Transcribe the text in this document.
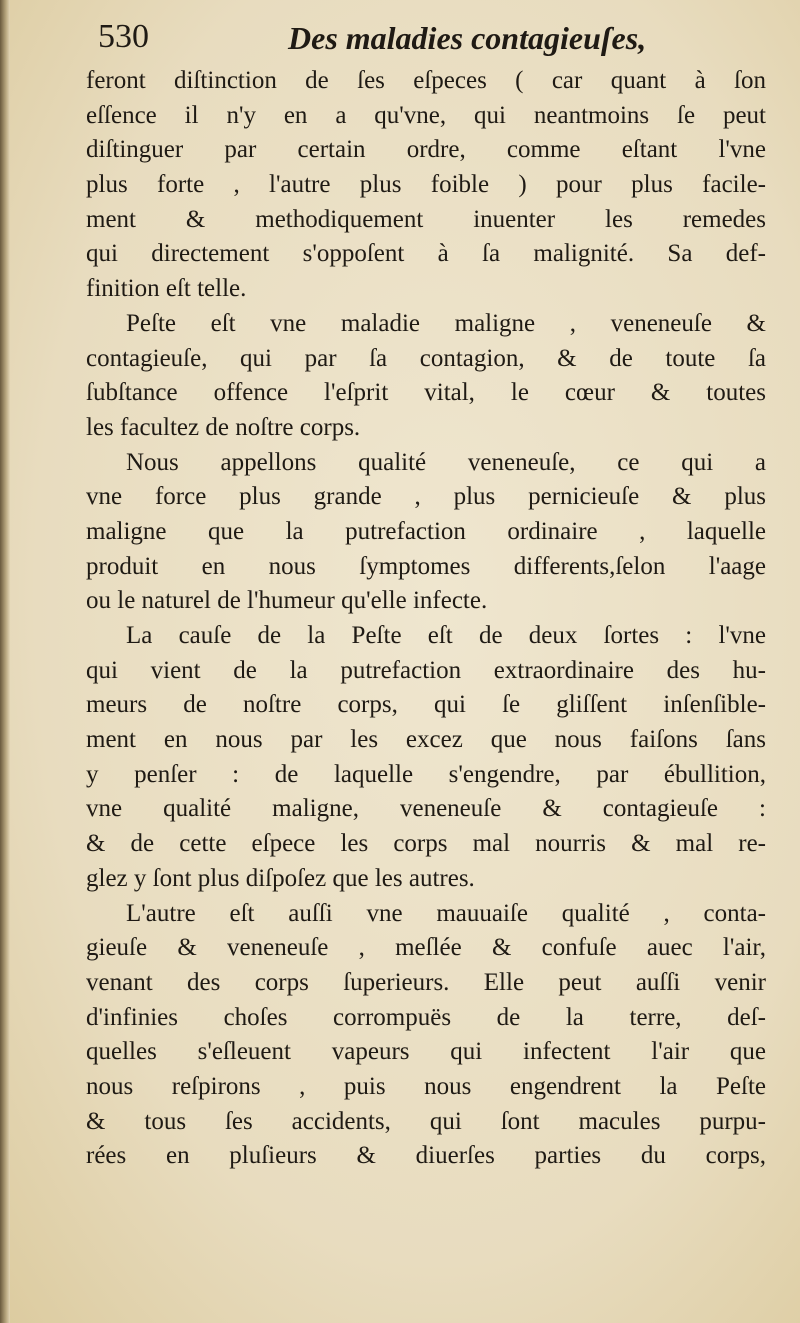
530	Des maladies contagieuſes,
feront diſtinction de ſes eſpeces ( car quant à ſon
eſſence il n'y en a qu'vne, qui neantmoins ſe peut
diſtinguer par certain ordre, comme eſtant l'vne
plus forte , l'autre plus foible ) pour plus facile-
ment & methodiquement inuenter les remedes
qui directement s'oppoſent à ſa malignité. Sa def-
finition eſt telle.
Peſte eſt vne maladie maligne , veneneuſe &
contagieuſe, qui par ſa contagion, & de toute ſa
ſubſtance offence l'eſprit vital, le cœur & toutes
les facultez de noſtre corps.
Nous appellons qualité veneneuſe, ce qui a
vne force plus grande , plus pernicieuſe & plus
maligne que la putrefaction ordinaire , laquelle
produit en nous ſymptomes differents,ſelon l'aage
ou le naturel de l'humeur qu'elle infecte.
La cauſe de la Peſte eſt de deux ſortes : l'vne
qui vient de la putrefaction extraordinaire des hu-
meurs de noſtre corps, qui ſe gliſſent inſenſible-
ment en nous par les excez que nous faiſons ſans
y penſer : de laquelle s'engendre, par ébullition,
vne qualité maligne, veneneuſe & contagieuſe :
& de cette eſpece les corps mal nourris & mal re-
glez y ſont plus diſpoſez que les autres.
L'autre eſt auſſi vne mauuaiſe qualité , conta-
gieuſe & veneneuſe , meſlée & confuſe auec l'air,
venant des corps ſuperieurs. Elle peut auſſi venir
d'infinies choſes corrompuës de la terre, deſ-
quelles s'eſleuent vapeurs qui infectent l'air que
nous reſpirons , puis nous engendrent la Peſte
& tous ſes accidents, qui ſont macules purpu-
rées en pluſieurs & diuerſes parties du corps,
